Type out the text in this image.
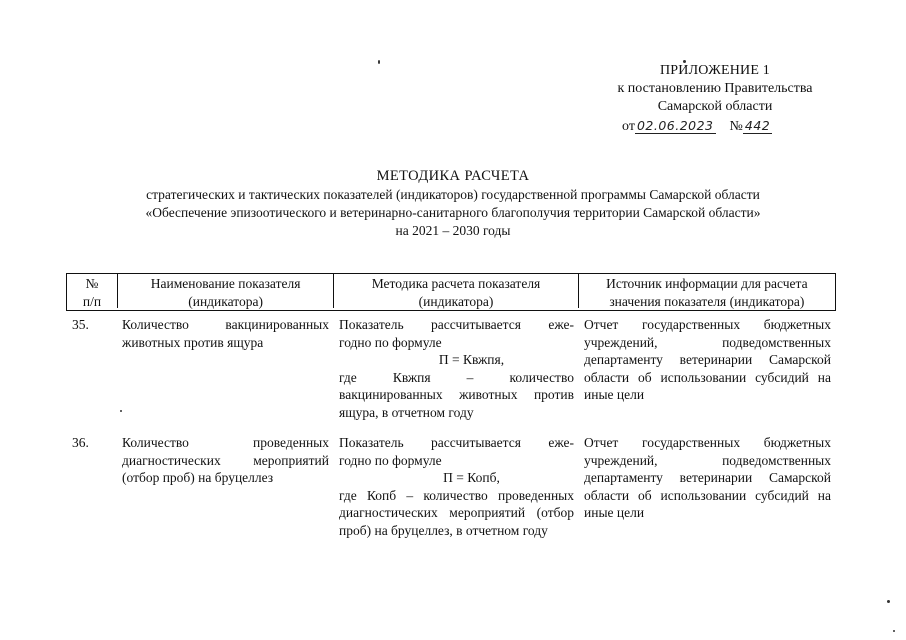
ПРИЛОЖЕНИЕ 1
к постановлению Правительства
Самарской области
от 02.06.2023 № 442
МЕТОДИКА РАСЧЕТА
стратегических и тактических показателей (индикаторов) государственной программы Самарской области
«Обеспечение эпизоотического и ветеринарно-санитарного благополучия территории Самарской области»
на 2021 – 2030 годы
№
п/п
Наименование показателя (индикатора)
Методика расчета показателя (индикатора)
Источник информации для расчета значения показателя (индикатора)
35.	Количество вакцинированных животных против ящура
Показатель рассчитывается еже-
годно по формуле
П = Квжпя,
где Квжпя – количество вакцинированных животных против ящура, в отчетном году
Отчет государственных бюджетных учреждений, подведомственных департаменту ветеринарии Самарской области об использовании субсидий на иные цели
36.	Количество проведенных диагностических мероприятий (отбор проб) на бруцеллез
Показатель рассчитывается еже-
годно по формуле
П = Копб,
где Копб – количество проведенных диагностических мероприятий (отбор проб) на бруцеллез, в отчетном году
Отчет государственных бюджетных учреждений, подведомственных департаменту ветеринарии Самарской области об использовании субсидий на иные цели
